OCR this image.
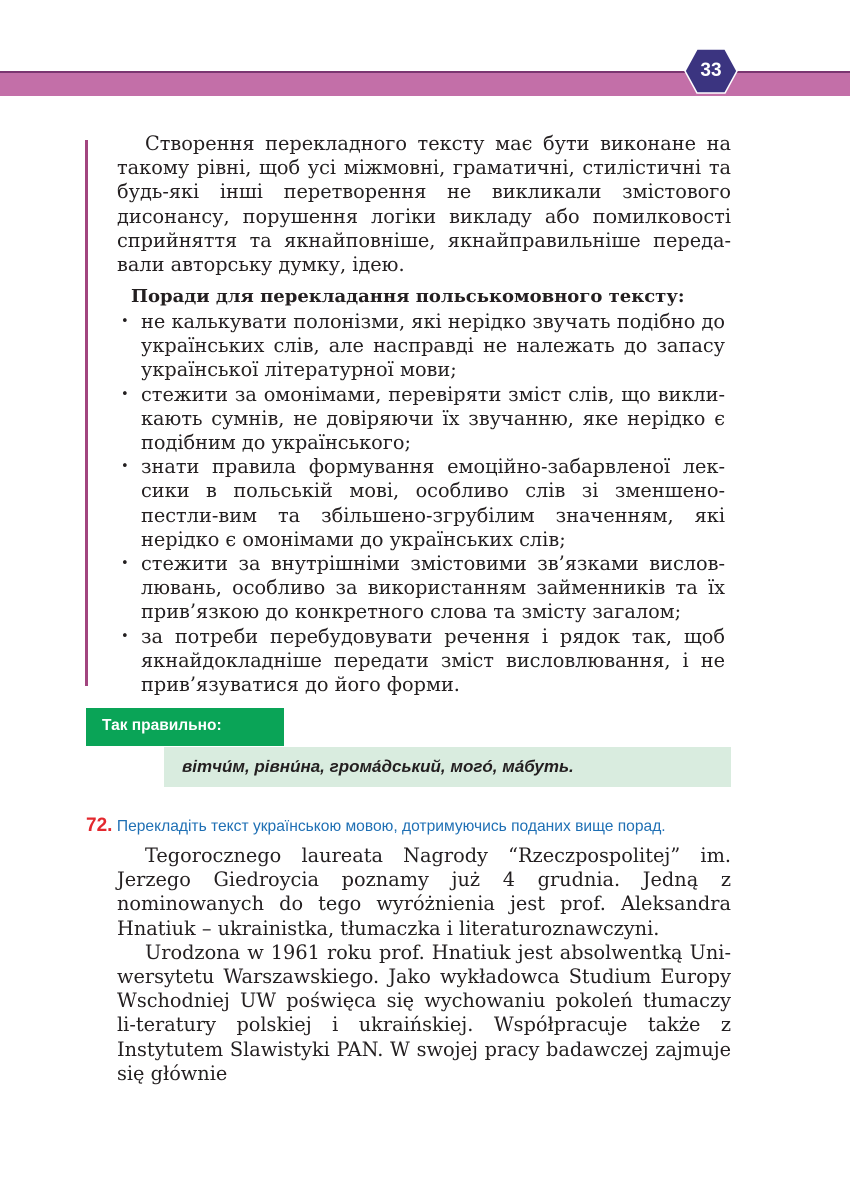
33

Створення перекладного тексту має бути виконане на такому рівні, щоб усі міжмовні, граматичні, стилістичні та будь-які інші перетворення не викликали змістового дисонансу, порушення логіки викладу або помилковості сприйняття та якнайповніше, якнайправильніше переда-вали авторську думку, ідею.

Поради для перекладання польськомовного тексту:
• не калькувати полонізми, які нерідко звучать подібно до українських слів, але насправді не належать до запасу української літературної мови;
• стежити за омонімами, перевіряти зміст слів, що викли-кають сумнів, не довіряючи їх звучанню, яке нерідко є подібним до українського;
• знати правила формування емоційно-забарвленої лек-сики в польській мові, особливо слів зі зменшено-пестли-вим та збільшено-згрубілим значенням, які нерідко є омонімами до українських слів;
• стежити за внутрішніми змістовими зв’язками вислов-лювань, особливо за використанням займенників та їх прив’язкою до конкретного слова та змісту загалом;
• за потреби перебудовувати речення і рядок так, щоб якнайдокладніше передати зміст висловлювання, і не прив’язуватися до його форми.
Так правильно:
вітчи́м, рівни́на, грома́дський, могó, ма́буть.
72. Перекладіть текст українською мовою, дотримуючись поданих вище порад.

Tegorocznego laureata Nagrody “Rzeczpospolitej” im. Jerzego Giedroycia poznamy już 4 grudnia. Jedną z nominowanych do tego wyróżnienia jest prof. Aleksandra Hnatiuk – ukrainistka, tłumaczka i literaturoznawczyni.

Urodzona w 1961 roku prof. Hnatiuk jest absolwentką Uni-wersytetu Warszawskiego. Jako wykładowca Studium Europy Wschodniej UW poświęca się wychowaniu pokoleń tłumaczy li-teratury polskiej i ukraińskiej. Współpracuje także z Instytutem Slawistyki PAN. W swojej pracy badawczej zajmuje się głównie
